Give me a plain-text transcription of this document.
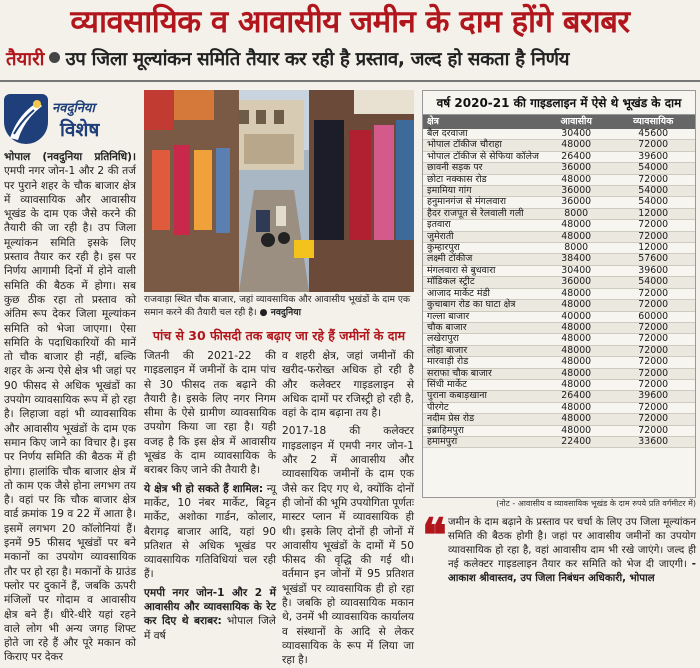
व्यावसायिक व आवासीय जमीन के दाम होंगे बराबर
तैयारी उप जिला मूल्यांकन समिति तैयार कर रही है प्रस्ताव, जल्द हो सकता है निर्णय
नवदुनिया
विशेष

भोपाल (नवदुनिया प्रतिनिधि)। एमपी नगर जोन-1 और 2 की तर्ज पर पुराने शहर के चौक बाजार क्षेत्र में व्यावसायिक और आवासीय भूखंड के दाम एक जैसे करने की तैयारी की जा रही है। उप जिला मूल्यांकन समिति इसके लिए प्रस्ताव तैयार कर रही है। इस पर निर्णय आगामी दिनों में होने वाली समिति की बैठक में होगा। सब कुछ ठीक रहा तो प्रस्ताव को अंतिम रूप देकर जिला मूल्यांकन समिति को भेजा जाएगा। ऐसा समिति के पदाधिकारियों की मानें तो चौक बाजार ही नहीं, बल्कि शहर के अन्य ऐसे क्षेत्र भी जहां पर 90 फीसद से अधिक भूखंडों का उपयोग व्यावसायिक रूप में हो रहा है। लिहाजा वहां भी व्यावसायिक और आवासीय भूखंडों के दाम एक समान किए जाने का विचार है। इस पर निर्णय समिति की बैठक में ही होगा। हालांकि चौक बाजार क्षेत्र में तो काम एक जैसे होना लगभग तय है। वहां पर कि चौक बाजार क्षेत्र वार्ड क्रमांक 19 व 22 में आता है। इसमें लगभग 20 कॉलोनियां हैं। इनमें 95 फीसद भूखंडों पर बने मकानों का उपयोग व्यावसायिक तौर पर हो रहा है। मकानों के ग्राउंड फ्लोर पर दुकानें हैं, जबकि ऊपरी मंजिलों पर गोदाम व आवासीय क्षेत्र बने हैं। धीरे-धीरे यहां रहने वाले लोग भी अन्य जगह शिफ्ट होते जा रहे हैं और पूरे मकान को किराए पर देकर

राजवाड़ा स्थित चौक बाजार, जहां व्यावसायिक और आवासीय भूखंडों के दाम एक समान करने की तैयारी चल रही है। ● नवदुनिया
पांच से 30 फीसदी तक बढ़ाए जा रहे हैं जमीनों के दाम

जितनी की 2021-22 की गाइडलाइन में जमीनों के दाम पांच से 30 फीसद तक बढ़ाने की तैयारी है। इसके लिए नगर निगम सीमा के ऐसे ग्रामीण व्यावसायिक उपयोग किया जा रहा है। यही वजह है कि इस क्षेत्र में आवासीय भूखंड के दाम व्यावसायिक के बराबर किए जाने की तैयारी है।

ये क्षेत्र भी हो सकते हैं शामिल: न्यू मार्केट, 10 नंबर मार्केट, बिट्टन मार्केट, अशोका गार्डन, कोलार, बैरागढ़ बाजार आदि, यहां 90 प्रतिशत से अधिक भूखंड पर व्यावसायिक गतिविधियां चल रही हैं।

एमपी नगर जोन-1 और 2 में आवासीय और व्यावसायिक के रेट कर दिए थे बराबर: भोपाल जिले में वर्ष

व शहरी क्षेत्र, जहां जमीनों की खरीद-फरोख्त अधिक हो रही है और कलेक्टर गाइडलाइन से अधिक दामों पर रजिस्ट्री हो रही है, वहां के दाम बढ़ाना तय है।

2017-18 की कलेक्टर गाइडलाइन में एमपी नगर जोन-1 और 2 में आवासीय और व्यावसायिक जमीनों के दाम एक जैसे कर दिए गए थे, क्योंकि दोनों ही जोनों की भूमि उपयोगिता पूर्णतः मास्टर प्लान में व्यावसायिक ही थी। इसके लिए दोनों ही जोनों में आवासीय भूखंडों के दामों में 50 फीसद की वृद्धि की गई थी। वर्तमान इन जोनों में 95 प्रतिशत भूखंडों पर व्यावसायिक ही हो रहा है। जबकि हो व्यावसायिक मकान थे, उनमें भी व्यावसायिक कार्यालय व संस्थानों के आदि से लेकर व्यावसायिक के रूप में लिया जा रहा है।

वर्ष 2020-21 की गाइडलाइन में ऐसे थे भूखंड के दाम
क्षेत्र	आवासीय	व्यावसायिक
बैल दरवाजा	30400	45600
भोपाल टॉकीज चौराहा	48000	72000
भोपाल टॉकीज से सेफिया कॉलेज	26400	39600
छावनी सड़क पर	36000	54000
छोटा नक्कास रोड	48000	72000
इमामिया गांग	36000	54000
हनुमानगंज से मंगलवारा	36000	54000
हैदर राजपूत से रेलवाली गली	8000	12000
इतवारा	48000	72000
जुमेराती	48000	72000
कुम्हारपुरा	8000	12000
लक्ष्मी टॉकीज	38400	57600
मंगलवारा से बुधवारा	30400	39600
मॉडिकल स्ट्रीट	36000	54000
आजाद मार्केट मंडी	48000	72000
कुचाबाग रोड का घाटा क्षेत्र	48000	72000
गल्ला बाजार	40000	60000
चौक बाजार	48000	72000
लखेरापुरा	48000	72000
लोहा बाजार	48000	72000
मारवाड़ी रोड	48000	72000
सराफा चौक बाजार	48000	72000
सिंधी मार्केट	48000	72000
पुराना कबाड़खाना	26400	39600
पीरगेट	48000	72000
नदीम प्रेस रोड	48000	72000
इब्राहिमपुरा	48000	72000
हमामपुरा	22400	33600
(नोट - आवासीय व व्यावसायिक भूखंड के दाम रुपये प्रति वर्गमीटर में)
❝ जमीन के दाम बढ़ाने के प्रस्ताव पर चर्चा के लिए उप जिला मूल्यांकन समिति की बैठक होगी है। जहां पर आवासीय जमीनों का उपयोग व्यावसायिक हो रहा है, वहां आवासीय दाम भी रखे जाएंगे। जल्द ही नई कलेक्टर गाइडलाइन तैयार कर समिति को भेज दी जाएगी। - आकाश श्रीवास्तव, उप जिला निबंधन अधिकारी, भोपाल
